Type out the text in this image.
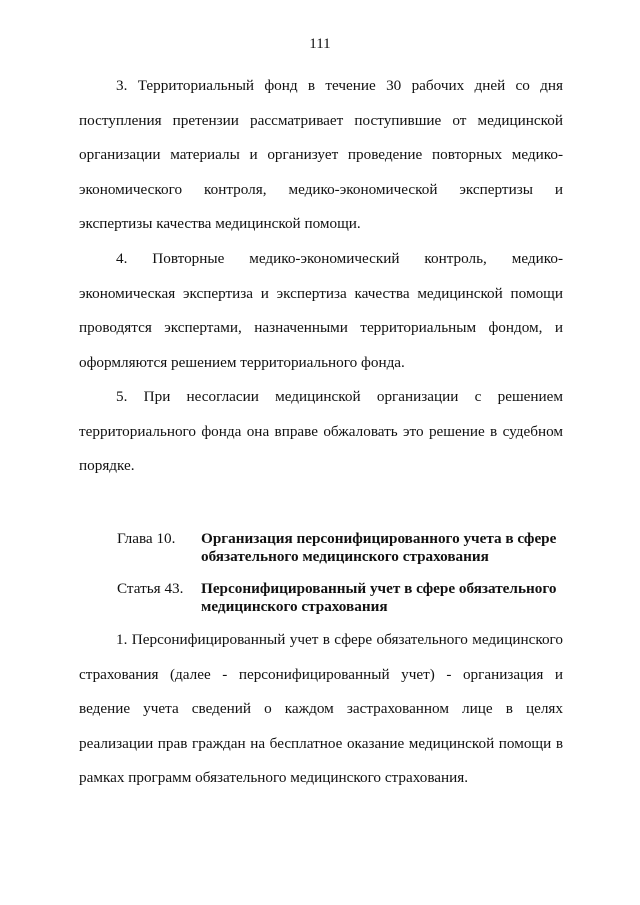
111

3. Территориальный фонд в течение 30 рабочих дней со дня поступления претензии рассматривает поступившие от медицинской организации материалы и организует проведение повторных медико-экономического контроля, медико-экономической экспертизы и экспертизы качества медицинской помощи.

4. Повторные медико-экономический контроль, медико-экономическая экспертиза и экспертиза качества медицинской помощи проводятся экспертами, назначенными территориальным фондом, и оформляются решением территориального фонда.

5. При несогласии медицинской организации с решением территориального фонда она вправе обжаловать это решение в судебном порядке.

Глава 10. Организация персонифицированного учета в сфере обязательного медицинского страхования
Статья 43. Персонифицированный учет в сфере обязательного медицинского страхования

1. Персонифицированный учет в сфере обязательного медицинского страхования (далее - персонифицированный учет) - организация и ведение учета сведений о каждом застрахованном лице в целях реализации прав граждан на бесплатное оказание медицинской помощи в рамках программ обязательного медицинского страхования.
